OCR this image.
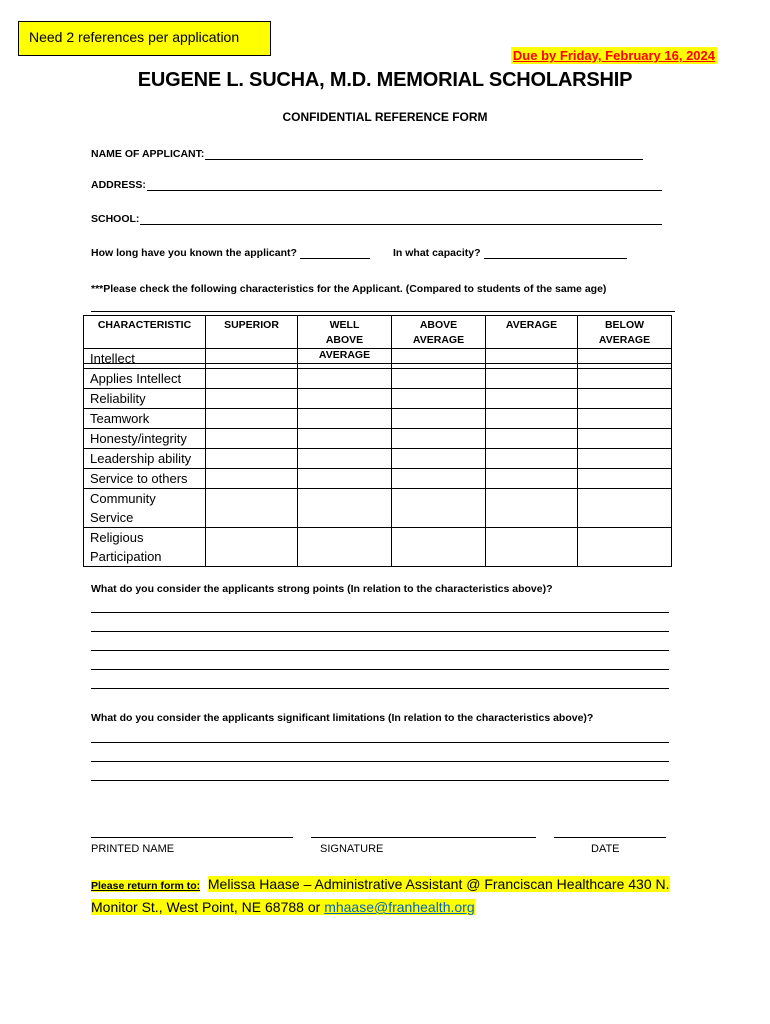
Need 2 references per application
Due by Friday, February 16, 2024
EUGENE L. SUCHA, M.D. MEMORIAL SCHOLARSHIP
CONFIDENTIAL REFERENCE FORM
NAME OF APPLICANT:
ADDRESS:
SCHOOL:
How long have you known the applicant?	In what capacity?
***Please check the following characteristics for the Applicant. (Compared to students of the same age)
CHARACTERISTIC	SUPERIOR	WELL ABOVE AVERAGE	ABOVE AVERAGE	AVERAGE	BELOW AVERAGE
Intellect					
Applies Intellect					
Reliability					
Teamwork					
Honesty/integrity					
Leadership ability					
Service to others					
Community Service					
Religious Participation					
What do you consider the applicants strong points (In relation to the characteristics above)?
What do you consider the applicants significant limitations (In relation to the characteristics above)?
PRINTED NAME	SIGNATURE	DATE
Please return form to: Melissa Haase – Administrative Assistant @ Franciscan Healthcare 430 N.
Monitor St., West Point, NE 68788 or mhaase@franhealth.org
